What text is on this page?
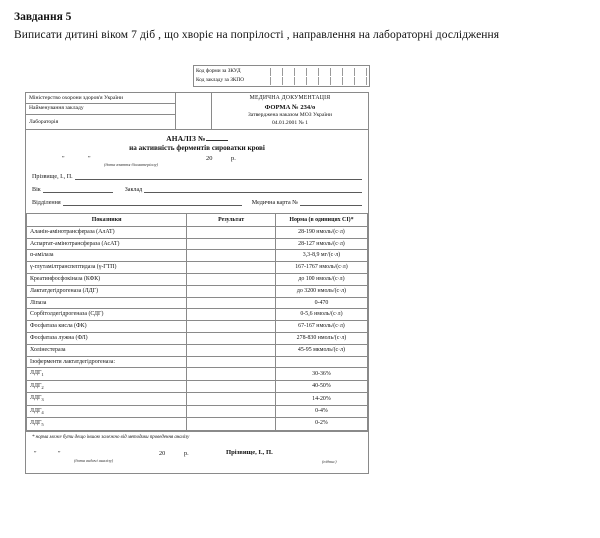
Завдання 5
Виписати дитині віком 7 діб , що хворіє на попрілості , направлення на лабораторні дослідження
Код форми за ЗКУД
Код закладу за ЗКПО
Міністерство охорони здоров'я України
Найменування закладу
Лабораторія
МЕДИЧНА ДОКУМЕНТАЦІЯ
ФОРМА № 234/о
Затверджена наказом МОЗ України
04.01.2001 № 1
АНАЛІЗ №
на активність ферментів сироватки крові
"	"	20	р.
(дата взяття біоматеріалу)
Прізвище, І., П.
Вік	Заклад
Відділення	Медична карта №
Показники	Результат	Норма (в одиницях СІ)*
Аланін-амінотрансфераза (АлАТ)		28-190 нмоль/(с·л)
Аспартат-амінотрансфераза (АсАТ)		28-127 нмоль/(с·л)
α-амілаза		3,3-8,9 мг/(с·л)
γ-глутамілтранспептидаза (γ-ГТП)		167-1767 нмоль/(с·л)
Креатинфосфокіназа (КФК)		до 100 нмоль/(с·л)
Лактатдегідрогеназа (ЛДГ)		до 3200 нмоль/(с·л)
Ліпаза		0-470
Сорбітолдегідрогеназа (СДГ)		0-5,6 нмоль/(с·л)
Фосфатаза кисла (ФК)		67-167 нмоль/(с·л)
Фосфатаза лужна (ФЛ)		278-830 нмоль/(с·л)
Холінестераза		45-95 мкмоль/(с·л)
Ізоферменти лактатдегідрогеназа:		
$ЛДГ_1$		30-36%
$ЛДГ_2$		40-50%
$ЛДГ_3$		14-20%
$ЛДГ_4$		0-4%
$ЛДГ_5$		0-2%
* норма може бути дещо іншою залежно від методики проведення аналізу
"	"	20	р.
(дата видачі аналізу)
Прізвище, І., П.
(підпис)
